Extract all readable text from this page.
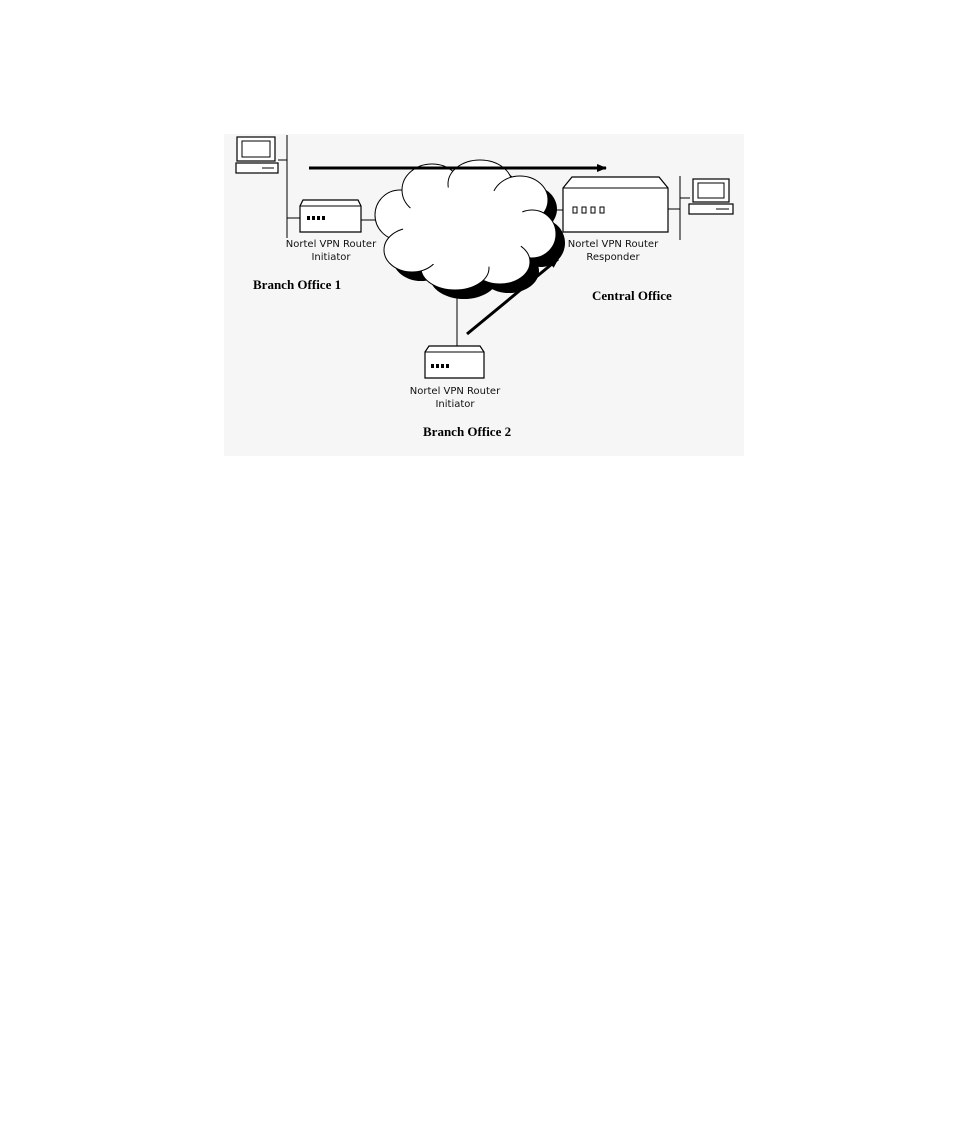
Nortel VPN Router
Initiator
Nortel VPN Router
Responder
Nortel VPN Router
Initiator
Branch Office 1
Central Office
Branch Office 2
